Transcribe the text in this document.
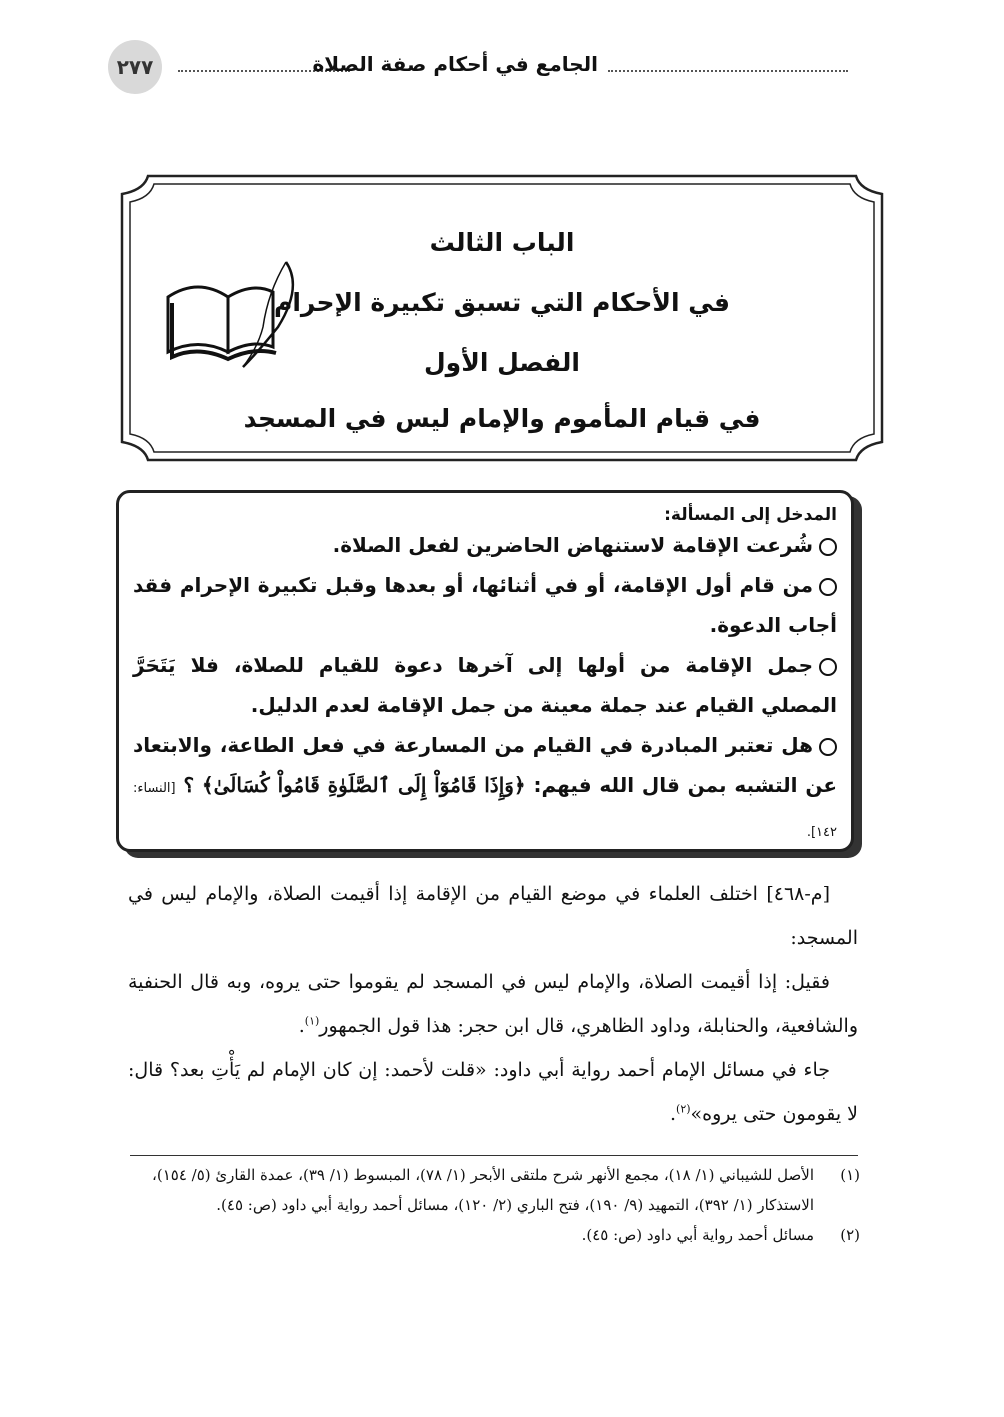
٢٧٧	الجامع في أحكام صفة الصلاة
الباب الثالث
في الأحكام التي تسبق تكبيرة الإحرام
الفصل الأول
في قيام المأموم والإمام ليس في المسجد
المدخل إلى المسألة:
شُرعت الإقامة لاستنهاض الحاضرين لفعل الصلاة.
من قام أول الإقامة، أو في أثنائها، أو بعدها وقبل تكبيرة الإحرام فقد أجاب الدعوة.
جمل الإقامة من أولها إلى آخرها دعوة للقيام للصلاة، فلا يَتَحَرَّ المصلي القيام عند جملة معينة من جمل الإقامة لعدم الدليل.
هل تعتبر المبادرة في القيام من المسارعة في فعل الطاعة، والابتعاد عن التشبه بمن قال الله فيهم: ﴿وَإِذَا قَامُوٓاْ إِلَى ٱلصَّلَوٰةِ قَامُواْ كُسَالَىٰ﴾ ؟ [النساء: ١٤٢].

[م-٤٦٨] اختلف العلماء في موضع القيام من الإقامة إذا أقيمت الصلاة، والإمام ليس في المسجد:

فقيل: إذا أقيمت الصلاة، والإمام ليس في المسجد لم يقوموا حتى يروه، وبه قال الحنفية والشافعية، والحنابلة، وداود الظاهري، قال ابن حجر: هذا قول الجمهور$^{(١)}$.

جاء في مسائل الإمام أحمد رواية أبي داود: «قلت لأحمد: إن كان الإمام لم يَأْتِ بعد؟ قال: لا يقومون حتى يروه»$^{(٢)}$.

(١)
الأصل للشيباني (١/ ١٨)، مجمع الأنهر شرح ملتقى الأبحر (١/ ٧٨)، المبسوط (١/ ٣٩)، عمدة القارئ (٥/ ١٥٤)، الاستذكار (١/ ٣٩٢)، التمهيد (٩/ ١٩٠)، فتح الباري (٢/ ١٢٠)، مسائل أحمد رواية أبي داود (ص: ٤٥).
(٢)
مسائل أحمد رواية أبي داود (ص: ٤٥).
